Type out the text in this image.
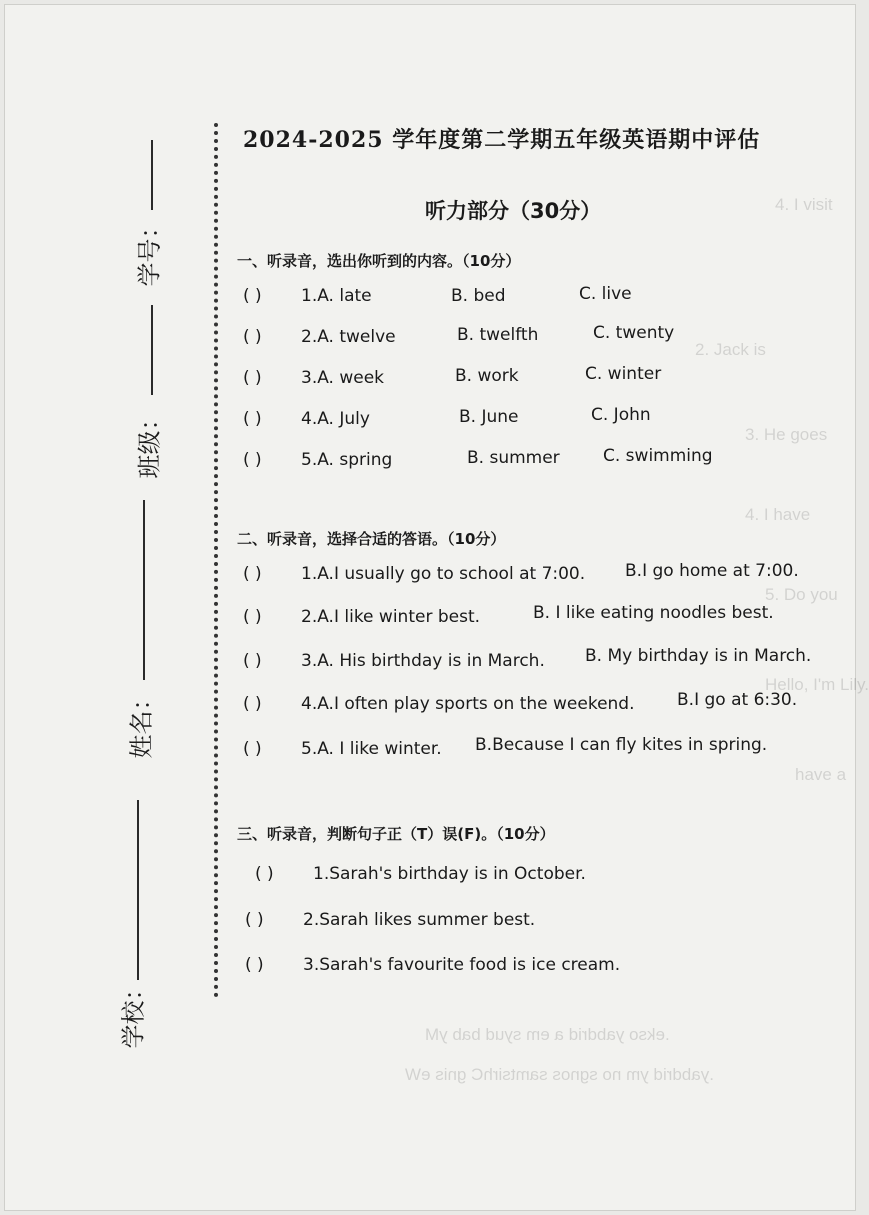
4. I visit
2. Jack is
3. He goes
4. I have
5. Do you
Hello, I'm Lily.
have a
学号：
班级：
姓名：
学校：
2024-2025 学年度第二学期五年级英语期中评估
听力部分（30分）
一、听录音，选出你听到的内容。（10分）
( ) 1.A. late	B. bed	C. live
( ) 2.A. twelve	B. twelfth	C. twenty
( ) 3.A. week	B. work	C. winter
( ) 4.A. July	B. June	C. John
( ) 5.A. spring	B. summer	C. swimming
二、听录音，选择合适的答语。（10分）
( ) 1.A.I usually go to school at 7:00. B.I go home at 7:00.
( ) 2.A.I like winter best.	B. I like eating noodles best.
( ) 3.A. His birthday is in March. B. My birthday is in March.
( ) 4.A.I often play sports on the weekend.	B.I go at 6:30.
( ) 5.A. I like winter. B.Because I can fly kites in spring.
三、听录音，判断句子正（T）误(F)。（10分）
( ) 1.Sarah's birthday is in October.
( ) 2.Sarah likes summer best.
( ) 3.Sarah's favourite food is ice cream.
.ekso yabdrid a em syud bab yM
.yabdrid ym no sgnos samtsirhC gnis eW
